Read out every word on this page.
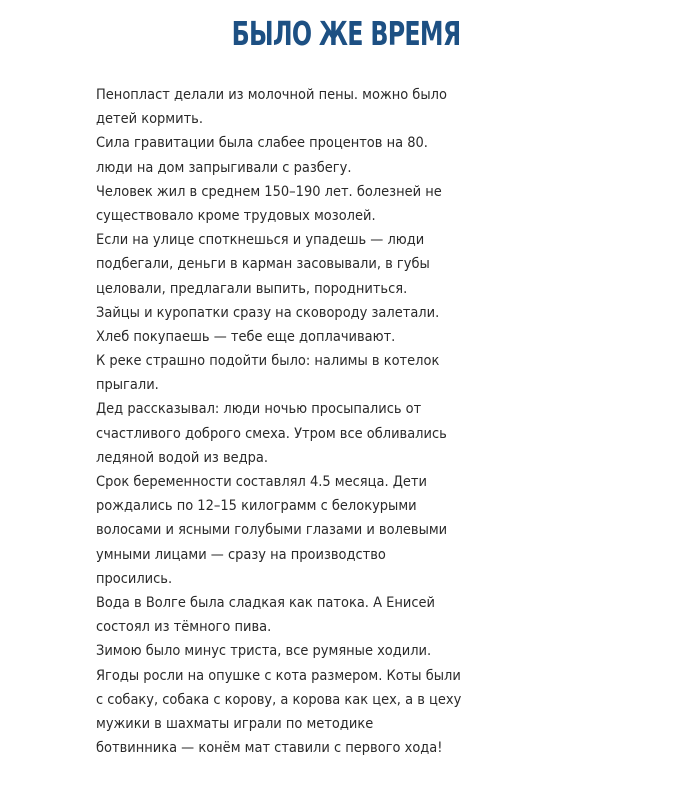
БЫЛО ЖЕ ВРЕМЯ
Пенопласт делали из молочной пены. можно было
детей кормить.
Сила гравитации была слабее процентов на 80.
люди на дом запрыгивали с разбегу.
Человек жил в среднем 150–190 лет. болезней не
существовало кроме трудовых мозолей.
Если на улице споткнешься и упадешь — люди
подбегали, деньги в карман засовывали, в губы
целовали, предлагали выпить, породниться.
Зайцы и куропатки сразу на сковороду залетали.
Хлеб покупаешь — тебе еще доплачивают.
К реке страшно подойти было: налимы в котелок
прыгали.
Дед рассказывал: люди ночью просыпались от
счастливого доброго смеха. Утром все обливались
ледяной водой из ведра.
Срок беременности составлял 4.5 месяца. Дети
рождались по 12–15 килограмм с белокурыми
волосами и ясными голубыми глазами и волевыми
умными лицами — сразу на производство
просились.
Вода в Волге была сладкая как патока. А Енисей
состоял из тёмного пива.
Зимою было минус триста, все румяные ходили.
Ягоды росли на опушке с кота размером. Коты были
с собаку, собака с корову, а корова как цех, а в цеху
мужики в шахматы играли по методике
ботвинника — конём мат ставили с первого хода!
